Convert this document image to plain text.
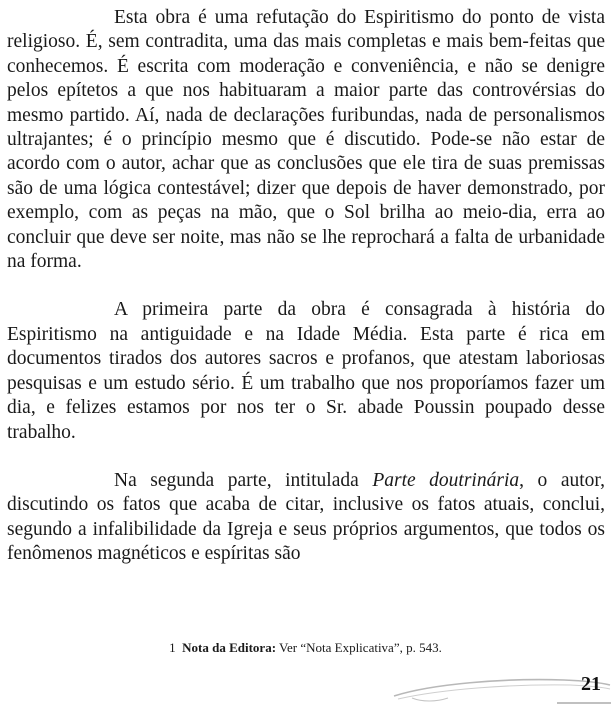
Esta obra é uma refutação do Espiritismo do ponto de vista religioso. É, sem contradita, uma das mais completas e mais bem-feitas que conhecemos. É escrita com moderação e conveniência, e não se denigre pelos epítetos a que nos habituaram a maior parte das controvérsias do mesmo partido. Aí, nada de declarações furibundas, nada de personalismos ultrajantes; é o princípio mesmo que é discutido. Pode-se não estar de acordo com o autor, achar que as conclusões que ele tira de suas premissas são de uma lógica contestável; dizer que depois de haver demonstrado, por exemplo, com as peças na mão, que o Sol brilha ao meio-dia, erra ao concluir que deve ser noite, mas não se lhe reprochará a falta de urbanidade na forma.

A primeira parte da obra é consagrada à história do Espiritismo na antiguidade e na Idade Média. Esta parte é rica em documentos tirados dos autores sacros e profanos, que atestam laboriosas pesquisas e um estudo sério. É um trabalho que nos proporíamos fazer um dia, e felizes estamos por nos ter o Sr. abade Poussin poupado desse trabalho.

Na segunda parte, intitulada Parte doutrinária, o autor, discutindo os fatos que acaba de citar, inclusive os fatos atuais, conclui, segundo a infalibilidade da Igreja e seus próprios argumentos, que todos os fenômenos magnéticos e espíritas são

1 Nota da Editora: Ver “Nota Explicativa”, p. 543.
21
